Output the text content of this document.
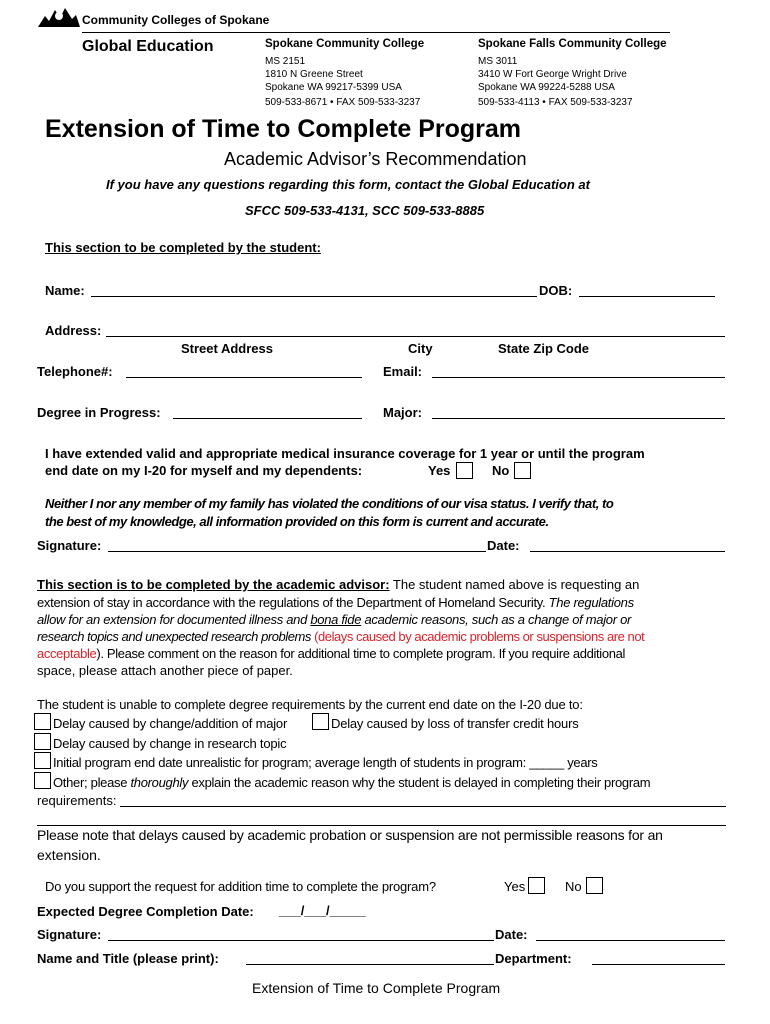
Community Colleges of Spokane
Global Education	Spokane Community College
MS 2151
1810 N Greene Street
Spokane WA 99217-5399 USA
509-533-8671 • FAX 509-533-3237
Spokane Falls Community College
MS 3011
3410 W Fort George Wright Drive
Spokane WA 99224-5288 USA
509-533-4113 • FAX 509-533-3237
Extension of Time to Complete Program
Academic Advisor’s Recommendation
If you have any questions regarding this form, contact the Global Education at
SFCC 509-533-4131, SCC 509-533-8885
This section to be completed by the student:
Name:	DOB:
Address:
Street Address	City	State Zip Code
Telephone#:	Email:
Degree in Progress:	Major:
I have extended valid and appropriate medical insurance coverage for 1 year or until the program
end date on my I-20 for myself and my dependents:	Yes	No
Neither I nor any member of my family has violated the conditions of our visa status. I verify that, to
the best of my knowledge, all information provided on this form is current and accurate.
Signature:	Date:
This section is to be completed by the academic advisor: The student named above is requesting an
extension of stay in accordance with the regulations of the Department of Homeland Security. The regulations
allow for an extension for documented illness and bona fide academic reasons, such as a change of major or
research topics and unexpected research problems (delays caused by academic problems or suspensions are not
acceptable). Please comment on the reason for additional time to complete program. If you require additional
space, please attach another piece of paper.
The student is unable to complete degree requirements by the current end date on the I-20 due to:
Delay caused by change/addition of major	Delay caused by loss of transfer credit hours
Delay caused by change in research topic
Initial program end date unrealistic for program; average length of students in program: _____ years
Other; please thoroughly explain the academic reason why the student is delayed in completing their program
requirements:
Please note that delays caused by academic probation or suspension are not permissible reasons for an
extension.
Do you support the request for addition time to complete the program?	Yes	No
Expected Degree Completion Date: ___/___/_____
Signature:	Date:
Name and Title (please print):	Department:
Extension of Time to Complete Program
